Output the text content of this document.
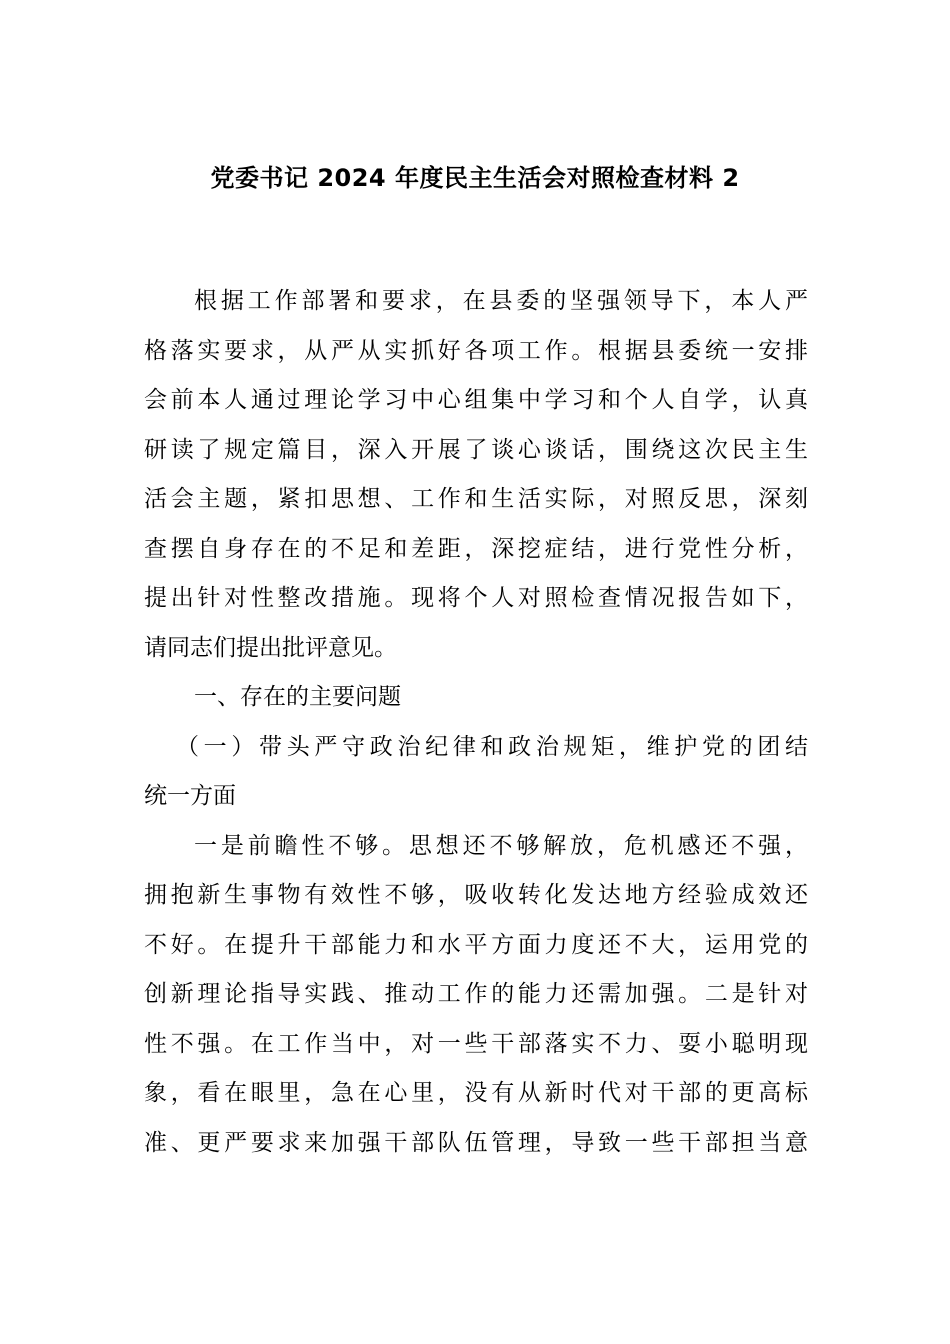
党委书记 2024 年度民主生活会对照检查材料 2
根据工作部署和要求，在县委的坚强领导下，本人严
格落实要求，从严从实抓好各项工作。根据县委统一安排
会前本人通过理论学习中心组集中学习和个人自学，认真
研读了规定篇目，深入开展了谈心谈话，围绕这次民主生
活会主题，紧扣思想、工作和生活实际，对照反思，深刻
查摆自身存在的不足和差距，深挖症结，进行党性分析，
提出针对性整改措施。现将个人对照检查情况报告如下，
请同志们提出批评意见。
一、存在的主要问题
（一）带头严守政治纪律和政治规矩，维护党的团结
统一方面
一是前瞻性不够。思想还不够解放，危机感还不强，
拥抱新生事物有效性不够，吸收转化发达地方经验成效还
不好。在提升干部能力和水平方面力度还不大，运用党的
创新理论指导实践、推动工作的能力还需加强。二是针对
性不强。在工作当中，对一些干部落实不力、耍小聪明现
象，看在眼里，急在心里，没有从新时代对干部的更高标
准、更严要求来加强干部队伍管理，导致一些干部担当意
